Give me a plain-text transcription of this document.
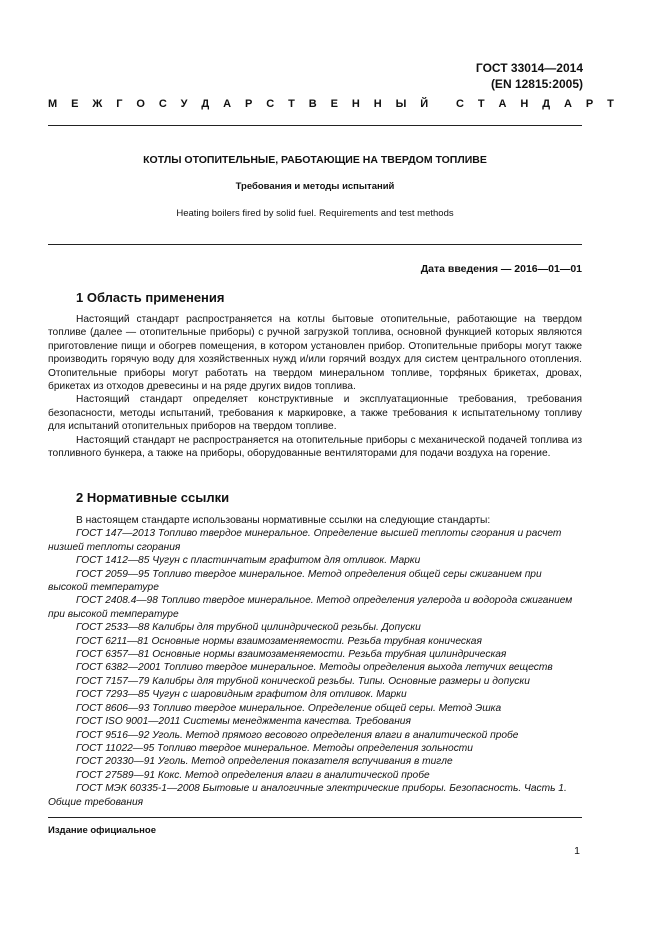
ГОСТ 33014—2014
(EN 12815:2005)
М Е Ж Г О С У Д А Р С Т В Е Н Н Ы Й	С Т А Н Д А Р Т
КОТЛЫ ОТОПИТЕЛЬНЫЕ, РАБОТАЮЩИЕ НА ТВЕРДОМ ТОПЛИВЕ
Требования и методы испытаний
Heating boilers fired by solid fuel. Requirements and test methods
Дата введения — 2016—01—01
1 Область применения

Настоящий стандарт распространяется на котлы бытовые отопительные, работающие на твердом топливе (далее — отопительные приборы) с ручной загрузкой топлива, основной функцией которых являются приготовление пищи и обогрев помещения, в котором установлен прибор. Отопительные приборы могут также производить горячую воду для хозяйственных нужд и/или горячий воздух для систем центрального отопления. Отопительные приборы могут работать на твердом минеральном топливе, торфяных брикетах, дровах, брикетах из отходов древесины и на ряде других видов топлива.

Настоящий стандарт определяет конструктивные и эксплуатационные требования, требования безопасности, методы испытаний, требования к маркировке, а также требования к испытательному топливу для испытаний отопительных приборов на твердом топливе.

Настоящий стандарт не распространяется на отопительные приборы с механической подачей топлива из топливного бункера, а также на приборы, оборудованные вентиляторами для подачи воздуха на горение.

2 Нормативные ссылки
В настоящем стандарте использованы нормативные ссылки на следующие стандарты:
ГОСТ 147—2013 Топливо твердое минеральное. Определение высшей теплоты сгорания и расчет низшей теплоты сгорания
ГОСТ 1412—85 Чугун с пластинчатым графитом для отливок. Марки
ГОСТ 2059—95 Топливо твердое минеральное. Метод определения общей серы сжиганием при высокой температуре
ГОСТ 2408.4—98 Топливо твердое минеральное. Метод определения углерода и водорода сжиганием при высокой температуре
ГОСТ 2533—88 Калибры для трубной цилиндрической резьбы. Допуски
ГОСТ 6211—81 Основные нормы взаимозаменяемости. Резьба трубная коническая
ГОСТ 6357—81 Основные нормы взаимозаменяемости. Резьба трубная цилиндрическая
ГОСТ 6382—2001 Топливо твердое минеральное. Методы определения выхода летучих веществ
ГОСТ 7157—79 Калибры для трубной конической резьбы. Типы. Основные размеры и допуски
ГОСТ 7293—85 Чугун с шаровидным графитом для отливок. Марки
ГОСТ 8606—93 Топливо твердое минеральное. Определение общей серы. Метод Эшка
ГОСТ ISO 9001—2011 Системы менеджмента качества. Требования
ГОСТ 9516—92 Уголь. Метод прямого весового определения влаги в аналитической пробе
ГОСТ 11022—95 Топливо твердое минеральное. Методы определения зольности
ГОСТ 20330—91 Уголь. Метод определения показателя вспучивания в тигле
ГОСТ 27589—91 Кокс. Метод определения влаги в аналитической пробе
ГОСТ МЭК 60335-1—2008 Бытовые и аналогичные электрические приборы. Безопасность. Часть 1. Общие требования
Издание официальное
1
